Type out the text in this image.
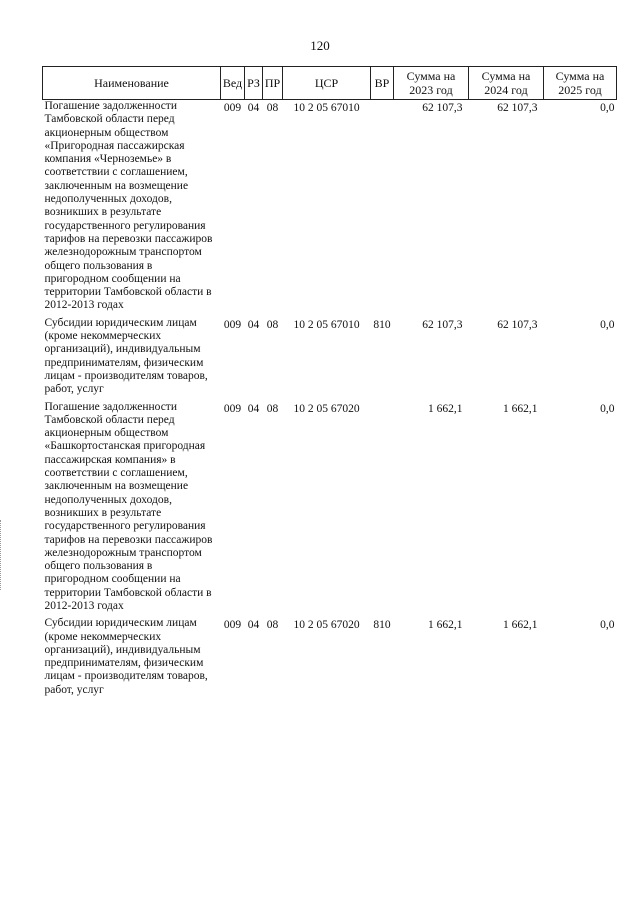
120
Наименование	Вед	РЗ	ПР	ЦСР	ВР	Сумма на 2023 год	Сумма на 2024 год	Сумма на 2025 год
Погашение задолженности Тамбовской области перед акционерным обществом «Пригородная пассажирская компания «Черноземье» в соответствии с соглашением, заключенным на возмещение недополученных доходов, возникших в результате государственного регулирования тарифов на перевозки пассажиров железнодорожным транспортом общего пользования в пригородном сообщении на территории Тамбовской области в 2012-2013 годах	009	04	08	10 2 05 67010		62 107,3	62 107,3	0,0
Субсидии юридическим лицам (кроме некоммерческих организаций), индивидуальным предпринимателям, физическим лицам - производителям товаров, работ, услуг	009	04	08	10 2 05 67010	810	62 107,3	62 107,3	0,0
Погашение задолженности Тамбовской области перед акционерным обществом «Башкортостанская пригородная пассажирская компания» в соответствии с соглашением, заключенным на возмещение недополученных доходов, возникших в результате государственного регулирования тарифов на перевозки пассажиров железнодорожным транспортом общего пользования в пригородном сообщении на территории Тамбовской области в 2012-2013 годах	009	04	08	10 2 05 67020		1 662,1	1 662,1	0,0
Субсидии юридическим лицам (кроме некоммерческих организаций), индивидуальным предпринимателям, физическим лицам - производителям товаров, работ, услуг	009	04	08	10 2 05 67020	810	1 662,1	1 662,1	0,0
